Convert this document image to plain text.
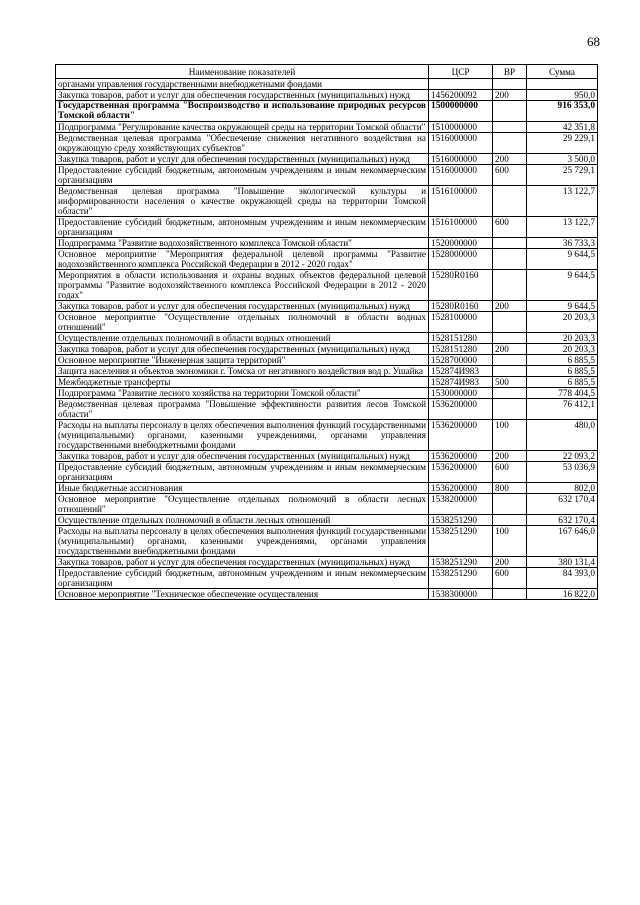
68
Наименование показателей	ЦСР	ВР	Сумма
органами управления государственными внебюджетными фондами			
Закупка товаров, работ и услуг для обеспечения государственных (муниципальных) нужд	1456200092	200	950,0
Государственная программа "Воспроизводство и использование природных ресурсов Томской области"	1500000000		916 353,0
Подпрограмма "Регулирование качества окружающей среды на территории Томской области"	1510000000		42 351,8
Ведомственная целевая программа "Обеспечение снижения негативного воздействия на окружающую среду хозяйствующих субъектов"	1516000000		29 229,1
Закупка товаров, работ и услуг для обеспечения государственных (муниципальных) нужд	1516000000	200	3 500,0
Предоставление субсидий бюджетным, автономным учреждениям и иным некоммерческим организациям	1516000000	600	25 729,1
Ведомственная целевая программа "Повышение экологической культуры и информированности населения о качестве окружающей среды на территории Томской области"	1516100000		13 122,7
Предоставление субсидий бюджетным, автономным учреждениям и иным некоммерческим организациям	1516100000	600	13 122,7
Подпрограмма "Развитие водохозяйственного комплекса Томской области"	1520000000		36 733,3
Основное мероприятие "Мероприятия федеральной целевой программы "Развитие водохозяйственного комплекса Российской Федерации в 2012 - 2020 годах"	1528000000		9 644,5
Мероприятия в области использования и охраны водных объектов федеральной целевой программы "Развитие водохозяйственного комплекса Российской Федерации в 2012 - 2020 годах"	15280R0160		9 644,5
Закупка товаров, работ и услуг для обеспечения государственных (муниципальных) нужд	15280R0160	200	9 644,5
Основное мероприятие "Осуществление отдельных полномочий в области водных отношений"	1528100000		20 203,3
Осуществление отдельных полномочий в области водных отношений	1528151280		20 203,3
Закупка товаров, работ и услуг для обеспечения государственных (муниципальных) нужд	1528151280	200	20 203,3
Основное мероприятие "Инженерная защита территорий"	1528700000		6 885,5
Защита населения и объектов экономики г. Томска от негативного воздействия вод р. Ушайка	152874И983		6 885,5
Межбюджетные трансферты	152874И983	500	6 885,5
Подпрограмма "Развитие лесного хозяйства на территории Томской области"	1530000000		778 404,5
Ведомственная целевая программа "Повышение эффективности развития лесов Томской области"	1536200000		76 412,1
Расходы на выплаты персоналу в целях обеспечения выполнения функций государственными (муниципальными) органами, казенными учреждениями, органами управления государственными внебюджетными фондами	1536200000	100	480,0
Закупка товаров, работ и услуг для обеспечения государственных (муниципальных) нужд	1536200000	200	22 093,2
Предоставление субсидий бюджетным, автономным учреждениям и иным некоммерческим организациям	1536200000	600	53 036,9
Иные бюджетные ассигнования	1536200000	800	802,0
Основное мероприятие "Осуществление отдельных полномочий в области лесных отношений"	1538200000		632 170,4
Осуществление отдельных полномочий в области лесных отношений	1538251290		632 170,4
Расходы на выплаты персоналу в целях обеспечения выполнения функций государственными (муниципальными) органами, казенными учреждениями, органами управления государственными внебюджетными фондами	1538251290	100	167 646,0
Закупка товаров, работ и услуг для обеспечения государственных (муниципальных) нужд	1538251290	200	380 131,4
Предоставление субсидий бюджетным, автономным учреждениям и иным некоммерческим организациям	1538251290	600	84 393,0
Основное мероприятие "Техническое обеспечение осуществления	1538300000		16 822,0
